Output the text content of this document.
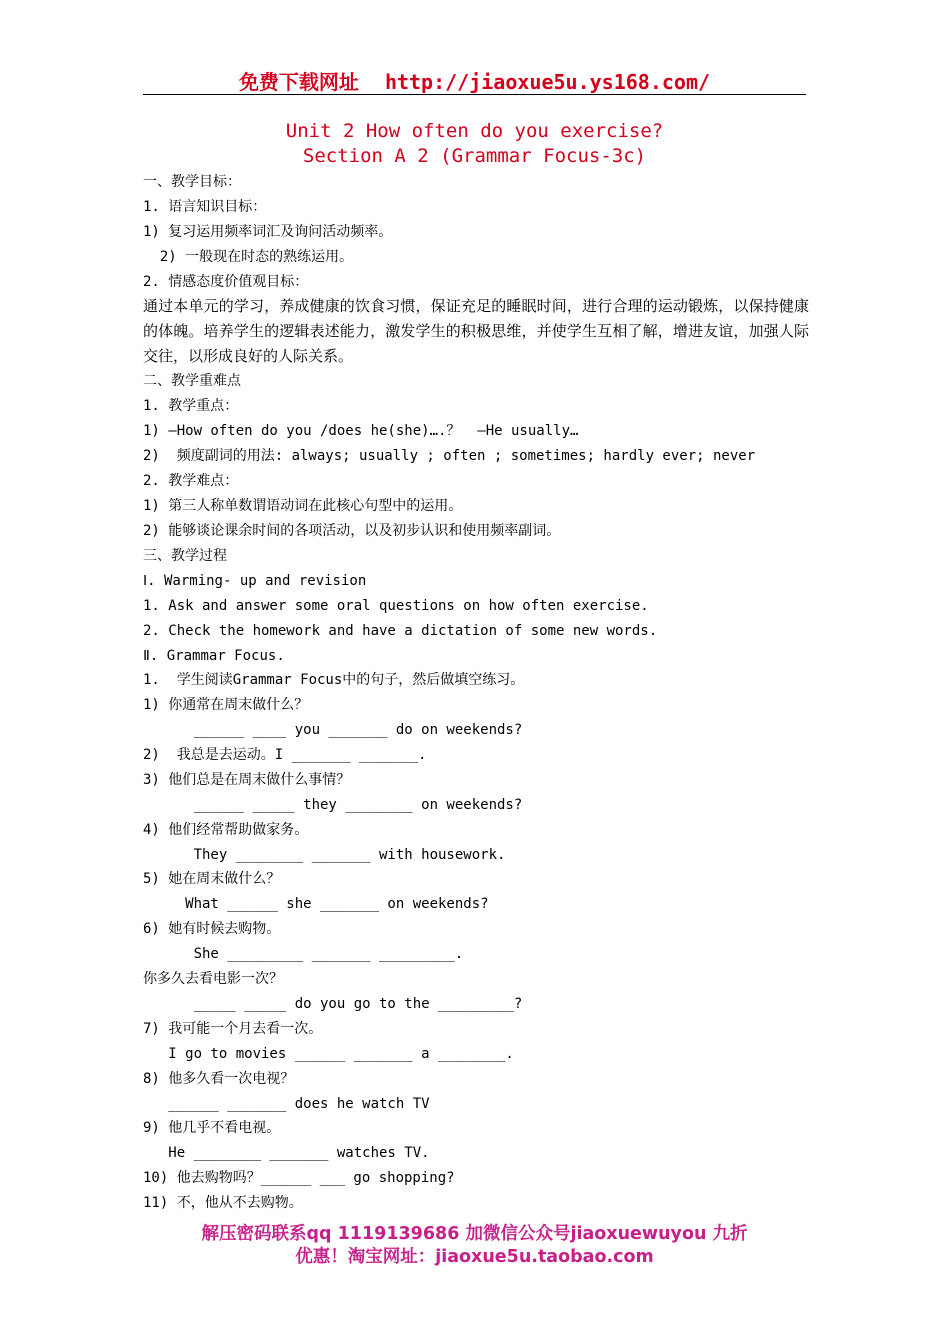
免费下载网址 http://jiaoxue5u.ys168.com/
Unit 2 How often do you exercise?
Section A 2 (Grammar Focus-3c)
一、教学目标：
1. 语言知识目标：
1) 复习运用频率词汇及询问活动频率。
2) 一般现在时态的熟练运用。
2. 情感态度价值观目标：
通过本单元的学习，养成健康的饮食习惯，保证充足的睡眠时间，进行合理的运动锻炼，以保持健康的体魄。培养学生的逻辑表述能力，激发学生的积极思维，并使学生互相了解，增进友谊，加强人际交往，以形成良好的人际关系。
二、教学重难点
1. 教学重点：
1) —How often do you /does he(she)….？  —He usually…
2)  频度副词的用法: always; usually ; often ; sometimes; hardly ever; never
2. 教学难点：
1) 第三人称单数谓语动词在此核心句型中的运用。
2) 能够谈论课余时间的各项活动，以及初步认识和使用频率副词。
三、教学过程
Ⅰ. Warming- up and revision
1. Ask and answer some oral questions on how often exercise.
2. Check the homework and have a dictation of some new words.
Ⅱ. Grammar Focus.
1.  学生阅读Grammar Focus中的句子，然后做填空练习。
1) 你通常在周末做什么？
______ ____ you _______ do on weekends?
2)  我总是去运动。I _______ _______.
3) 他们总是在周末做什么事情？
______ _____ they ________ on weekends?
4) 他们经常帮助做家务。
They ________ _______ with housework.
5) 她在周末做什么？
What ______ she _______ on weekends?
6) 她有时候去购物。
She _________ _______ _________.
你多久去看电影一次？
_____ _____ do you go to the _________?
7) 我可能一个月去看一次。
I go to movies ______ _______ a ________.
8) 他多久看一次电视？
______ _______ does he watch TV
9) 他几乎不看电视。
He ________ _______ watches TV.
10) 他去购物吗？______ ___ go shopping?
11) 不，他从不去购物。
解压密码联系qq 1119139686 加微信公众号jiaoxuewuyou 九折
优惠！淘宝网址：jiaoxue5u.taobao.com
